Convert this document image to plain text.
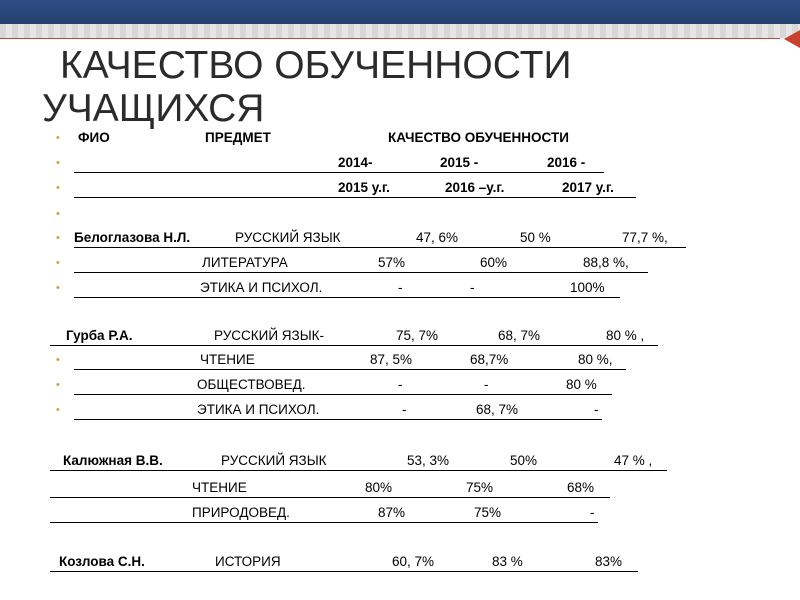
КАЧЕСТВО ОБУЧЕННОСТИ
УЧАЩИХСЯ
• ФИО	ПРЕДМЕТ	КАЧЕСТВО ОБУЧЕННОСТИ
•	2014-	2015 -	2016 -
•	2015 у.г.	2016 –у.г.	2017 у.г.
•
• Белоглазова Н.Л.	РУССКИЙ ЯЗЫК	47, 6%	50 %	77,7 %,
•	ЛИТЕРАТУРА	57%	60%	88,8 %,
•	ЭТИКА И ПСИХОЛ.	-	-	100%
Гурба Р.А.	РУССКИЙ ЯЗЫК-	75, 7%	68, 7%	80 % ,
•	ЧТЕНИЕ	87, 5%	68,7%	80 %,
•	ОБЩЕСТВОВЕД.	-	-	80 %
•	ЭТИКА И ПСИХОЛ.	-	68, 7%	-
Калюжная В.В.	РУССКИЙ ЯЗЫК	53, 3%	50%	47 % ,
ЧТЕНИЕ	80%	75%	68%
ПРИРОДОВЕД.	87%	75%	-
Козлова С.Н.	ИСТОРИЯ	60, 7%	83 %	83%
